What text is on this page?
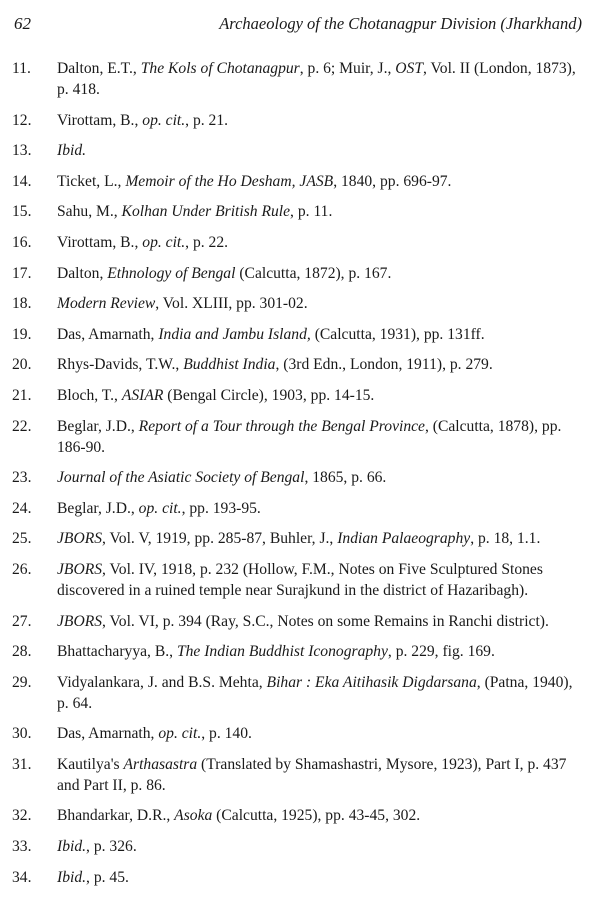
62	Archaeology of the Chotanagpur Division (Jharkhand)
11. Dalton, E.T., The Kols of Chotanagpur, p. 6; Muir, J., OST, Vol. II (London, 1873), p. 418.
12. Virottam, B., op. cit., p. 21.
13. Ibid.
14. Ticket, L., Memoir of the Ho Desham, JASB, 1840, pp. 696-97.
15. Sahu, M., Kolhan Under British Rule, p. 11.
16. Virottam, B., op. cit., p. 22.
17. Dalton, Ethnology of Bengal (Calcutta, 1872), p. 167.
18. Modern Review, Vol. XLIII, pp. 301-02.
19. Das, Amarnath, India and Jambu Island, (Calcutta, 1931), pp. 131ff.
20. Rhys-Davids, T.W., Buddhist India, (3rd Edn., London, 1911), p. 279.
21. Bloch, T., ASIAR (Bengal Circle), 1903, pp. 14-15.
22. Beglar, J.D., Report of a Tour through the Bengal Province, (Calcutta, 1878), pp. 186-90.
23. Journal of the Asiatic Society of Bengal, 1865, p. 66.
24. Beglar, J.D., op. cit., pp. 193-95.
25. JBORS, Vol. V, 1919, pp. 285-87, Buhler, J., Indian Palaeography, p. 18, 1.1.
26. JBORS, Vol. IV, 1918, p. 232 (Hollow, F.M., Notes on Five Sculptured Stones discovered in a ruined temple near Surajkund in the district of Hazaribagh).
27. JBORS, Vol. VI, p. 394 (Ray, S.C., Notes on some Remains in Ranchi district).
28. Bhattacharyya, B., The Indian Buddhist Iconography, p. 229, fig. 169.
29. Vidyalankara, J. and B.S. Mehta, Bihar : Eka Aitihasik Digdarsana, (Patna, 1940), p. 64.
30. Das, Amarnath, op. cit., p. 140.
31. Kautilya's Arthasastra (Translated by Shamashastri, Mysore, 1923), Part I, p. 437 and Part II, p. 86.
32. Bhandarkar, D.R., Asoka (Calcutta, 1925), pp. 43-45, 302.
33. Ibid., p. 326.
34. Ibid., p. 45.
